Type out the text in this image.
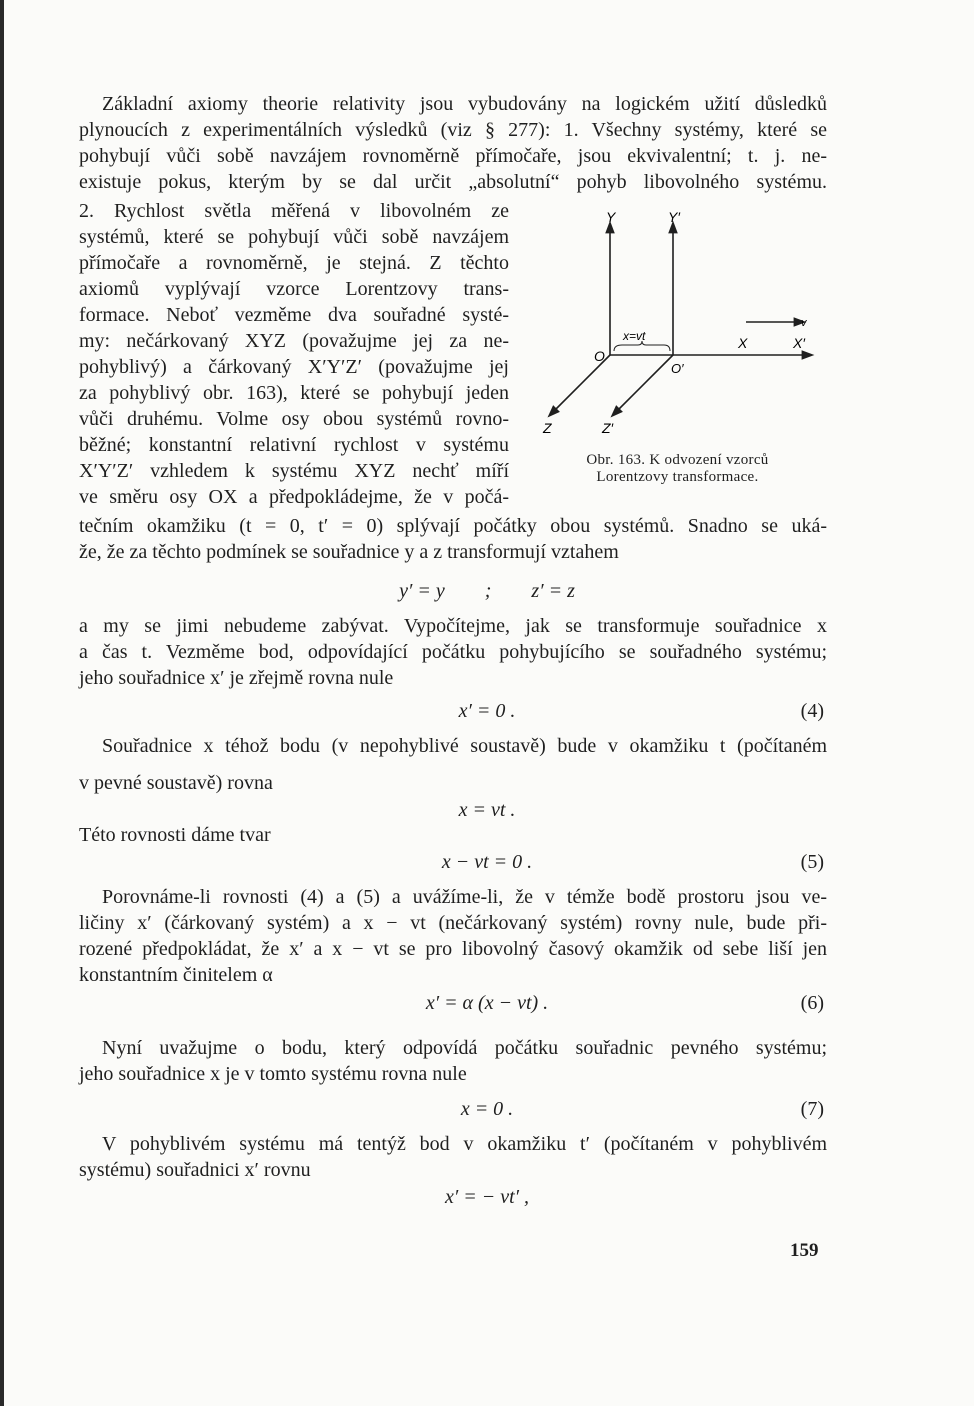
Základní axiomy theorie relativity jsou vybudovány na logickém užití důsledků
plynoucích z experimentálních výsledků (viz § 277): 1. Všechny systémy, které se
pohybují vůči sobě navzájem rovnoměrně přímočaře, jsou ekvivalentní; t. j. ne-
existuje pokus, kterým by se dal určit „absolutní“ pohyb libovolného systému.
2. Rychlost světla měřená v libovolném ze
systémů, které se pohybují vůči sobě navzájem
přímočaře a rovnoměrně, je stejná. Z těchto
axiomů vyplývají vzorce Lorentzovy trans-
formace. Neboť vezměme dva souřadné systé-
my: nečárkovaný XYZ (považujme jej za ne-
pohyblivý) a čárkovaný X′Y′Z′ (považujme jej
za pohyblivý obr. 163), které se pohybují jeden
vůči druhému. Volme osy obou systémů rovno-
běžné; konstantní relativní rychlost v systému
X′Y′Z′ vzhledem k systému XYZ nechť míří
ve směru osy OX a předpokládejme, že v počá-
x=vt
Y	Y′
X	X′
v
O
O′
Z	Z′
Obr. 163. K odvození vzorců
Lorentzovy transformace.
tečním okamžiku (t = 0, t′ = 0) splývají počátky obou systémů. Snadno se uká-
že, že za těchto podmínek se souřadnice y a z transformují vztahem
y′ = y        ;        z′ = z
a my se jimi nebudeme zabývat. Vypočítejme, jak se transformuje souřadnice x
a čas t. Vezměme bod, odpovídající počátku pohybujícího se souřadného systému;
jeho souřadnice x′ je zřejmě rovna nule
x′ = 0 .	(4)
Souřadnice x téhož bodu (v nepohyblivé soustavě) bude v okamžiku t (počítaném
v pevné soustavě) rovna
x = vt .
Této rovnosti dáme tvar
x − vt = 0 .	(5)
Porovnáme-li rovnosti (4) a (5) a uvážíme-li, že v témže bodě prostoru jsou ve-
ličiny x′ (čárkovaný systém) a x − vt (nečárkovaný systém) rovny nule, bude při-
rozené předpokládat, že x′ a x − vt se pro libovolný časový okamžik od sebe liší jen
konstantním činitelem α
x′ = α (x − vt) .	(6)
Nyní uvažujme o bodu, který odpovídá počátku souřadnic pevného systému;
jeho souřadnice x je v tomto systému rovna nule
x = 0 .	(7)
V pohyblivém systému má tentýž bod v okamžiku t′ (počítaném v pohyblivém
systému) souřadnici x′ rovnu
x′ = − vt′ ,
159
